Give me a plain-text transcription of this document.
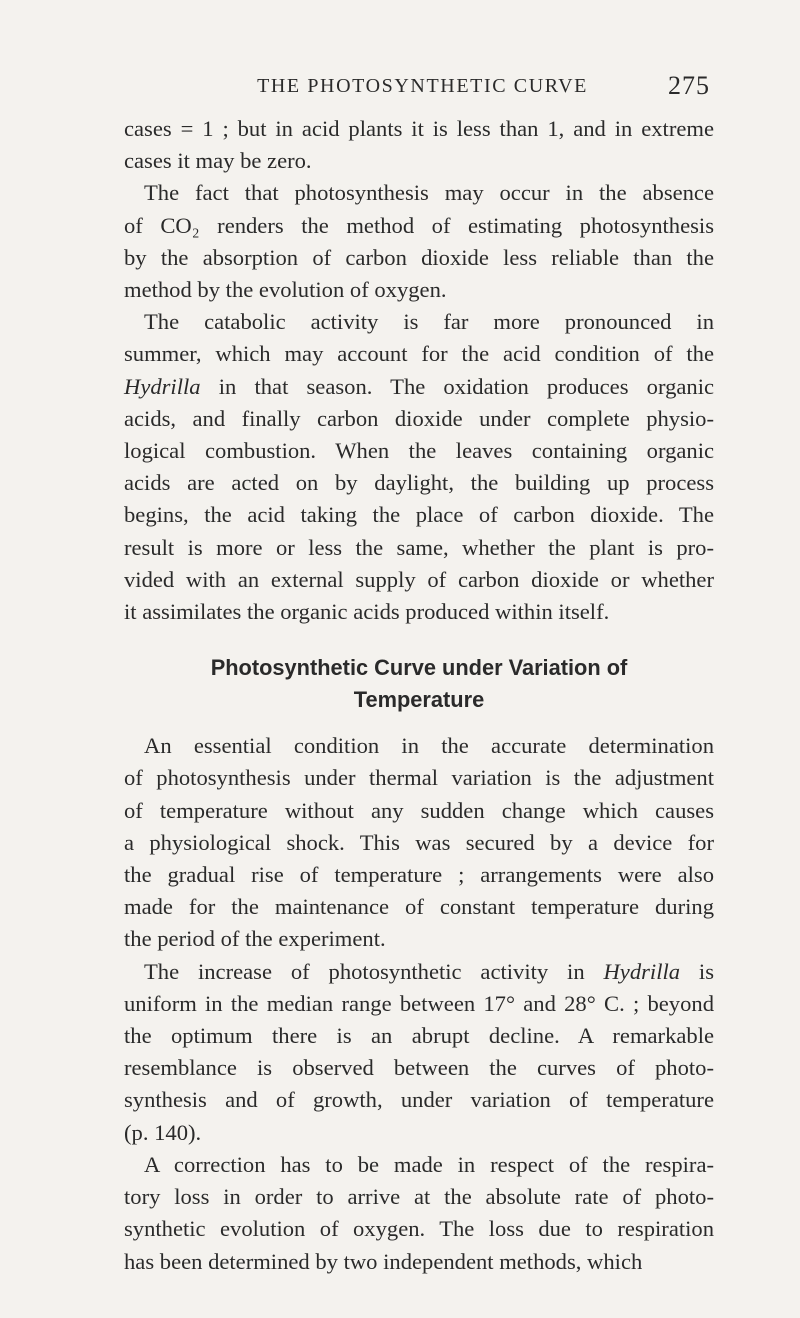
THE PHOTOSYNTHETIC CURVE	275
cases = 1 ; but in acid plants it is less than 1, and in extreme
cases it may be zero.
The fact that photosynthesis may occur in the absence
of CO₂ renders the method of estimating photosynthesis
by the absorption of carbon dioxide less reliable than the
method by the evolution of oxygen.
The catabolic activity is far more pronounced in
summer, which may account for the acid condition of the
Hydrilla in that season. The oxidation produces organic
acids, and finally carbon dioxide under complete physio-
logical combustion. When the leaves containing organic
acids are acted on by daylight, the building up process
begins, the acid taking the place of carbon dioxide. The
result is more or less the same, whether the plant is pro-
vided with an external supply of carbon dioxide or whether
it assimilates the organic acids produced within itself.
Photosynthetic Curve under Variation of
Temperature
An essential condition in the accurate determination
of photosynthesis under thermal variation is the adjustment
of temperature without any sudden change which causes
a physiological shock. This was secured by a device for
the gradual rise of temperature ; arrangements were also
made for the maintenance of constant temperature during
the period of the experiment.
The increase of photosynthetic activity in Hydrilla is
uniform in the median range between 17° and 28° C. ; beyond
the optimum there is an abrupt decline. A remarkable
resemblance is observed between the curves of photo-
synthesis and of growth, under variation of temperature
(p. 140).
A correction has to be made in respect of the respira-
tory loss in order to arrive at the absolute rate of photo-
synthetic evolution of oxygen. The loss due to respiration
has been determined by two independent methods, which
